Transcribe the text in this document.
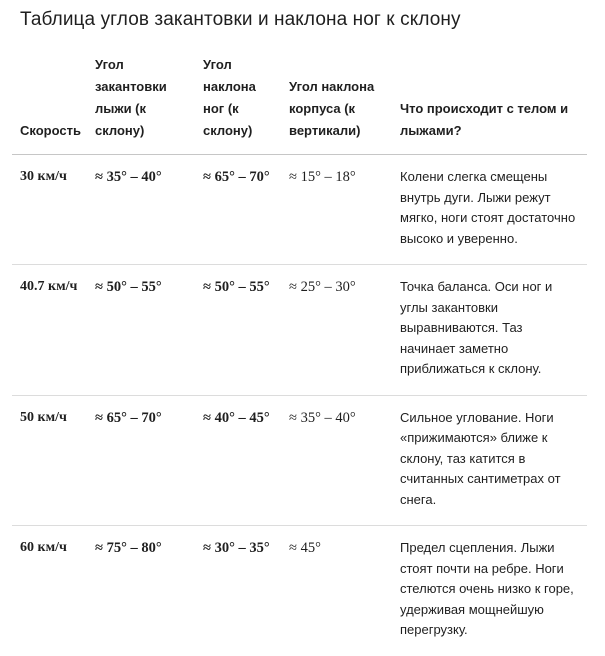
Таблица углов закантовки и наклона ног к склону
Скорость	Угол закантовки лыжи (к склону)	Угол наклона ног (к склону)	Угол наклона корпуса (к вертикали)	Что происходит с телом и лыжами?
30 км/ч	≈ 35° – 40°	≈ 65° – 70°	≈ 15° – 18°	Колени слегка смещены внутрь дуги. Лыжи режут мягко, ноги стоят достаточно высоко и уверенно.
40.7 км/ч	≈ 50° – 55°	≈ 50° – 55°	≈ 25° – 30°	Точка баланса. Оси ног и углы закантовки выравниваются. Таз начинает заметно приближаться к склону.
50 км/ч	≈ 65° – 70°	≈ 40° – 45°	≈ 35° – 40°	Сильное углование. Ноги «прижимаются» ближе к склону, таз катится в считанных сантиметрах от снега.
60 км/ч	≈ 75° – 80°	≈ 30° – 35°	≈ 45°	Предел сцепления. Лыжи стоят почти на ребре. Ноги стелются очень низко к горе, удерживая мощнейшую перегрузку.
